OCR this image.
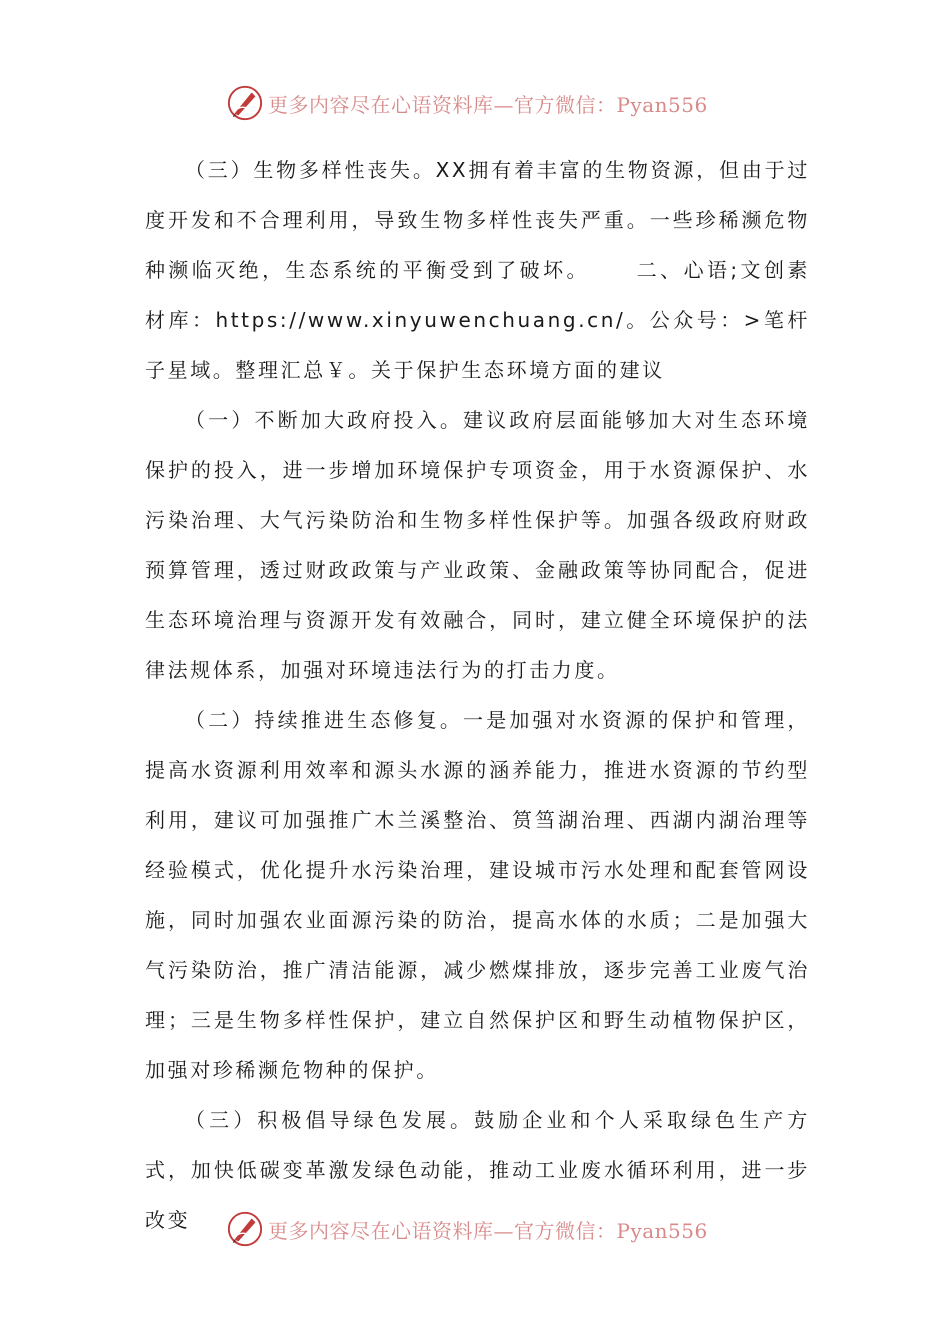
更多内容尽在心语资料库—官方微信：Pyan556

（三）生物多样性丧失。XX拥有着丰富的生物资源，但由于过度开发和不合理利用，导致生物多样性丧失严重。一些珍稀濒危物种濒临灭绝，生态系统的平衡受到了破坏。 二、心语;文创素材库：https://www.xinyuwenchuang.cn/。公众号：>笔杆子星域。整理汇总￥。关于保护生态环境方面的建议

（一）不断加大政府投入。建议政府层面能够加大对生态环境保护的投入，进一步增加环境保护专项资金，用于水资源保护、水污染治理、大气污染防治和生物多样性保护等。加强各级政府财政预算管理，透过财政政策与产业政策、金融政策等协同配合，促进生态环境治理与资源开发有效融合，同时，建立健全环境保护的法律法规体系，加强对环境违法行为的打击力度。

（二）持续推进生态修复。一是加强对水资源的保护和管理，提高水资源利用效率和源头水源的涵养能力，推进水资源的节约型利用，建议可加强推广木兰溪整治、筼筜湖治理、西湖内湖治理等经验模式，优化提升水污染治理，建设城市污水处理和配套管网设施，同时加强农业面源污染的防治，提高水体的水质；二是加强大气污染防治，推广清洁能源，减少燃煤排放，逐步完善工业废气治理；三是生物多样性保护，建立自然保护区和野生动植物保护区，加强对珍稀濒危物种的保护。

（三）积极倡导绿色发展。鼓励企业和个人采取绿色生产方式，加快低碳变革激发绿色动能，推动工业废水循环利用，进一步改变	更多内容尽在心语资料库—官方微信：Pyan556
